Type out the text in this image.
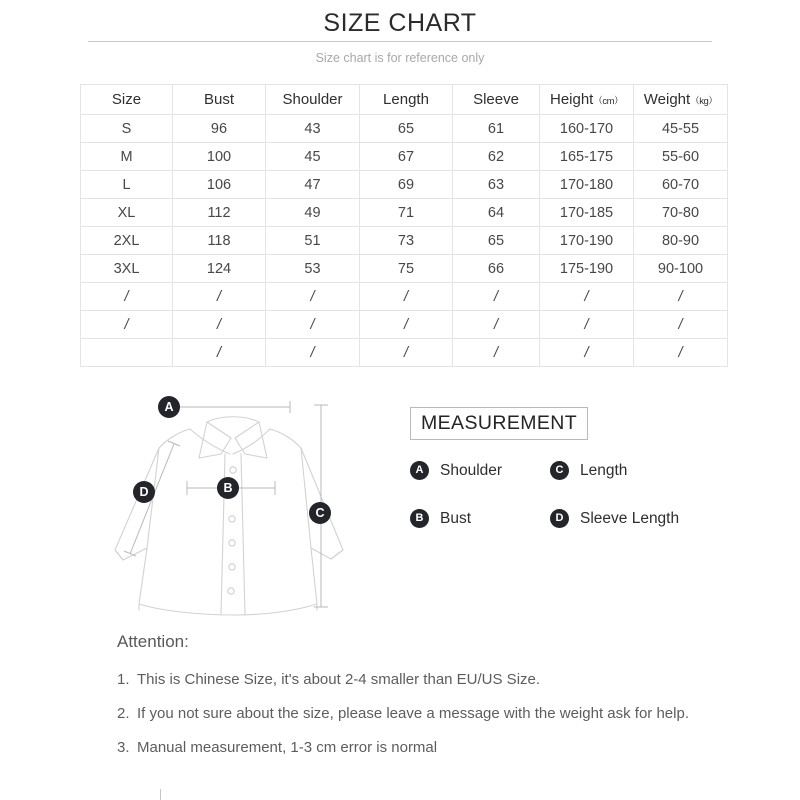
SIZE CHART
Size chart is for reference only
Size	Bust	Shoulder	Length	Sleeve	Height（cm）	Weight（kg）
S	96	43	65	61	160-170	45-55
M	100	45	67	62	165-175	55-60
L	106	47	69	63	170-180	60-70
XL	112	49	71	64	170-185	70-80
2XL	118	51	73	65	170-190	80-90
3XL	124	53	75	66	175-190	90-100
/	/	/	/	/	/	/
/	/	/	/	/	/	/
	/	/	/	/	/	/
A
B
C
D
MEASUREMENT
A	Shoulder	C	Length
B	Bust	D	Sleeve Length
Attention:
1. This is Chinese Size, it's about 2-4 smaller than EU/US Size.
2. If you not sure about the size, please leave a message with the weight ask for help.
3. Manual measurement, 1-3 cm error is normal
